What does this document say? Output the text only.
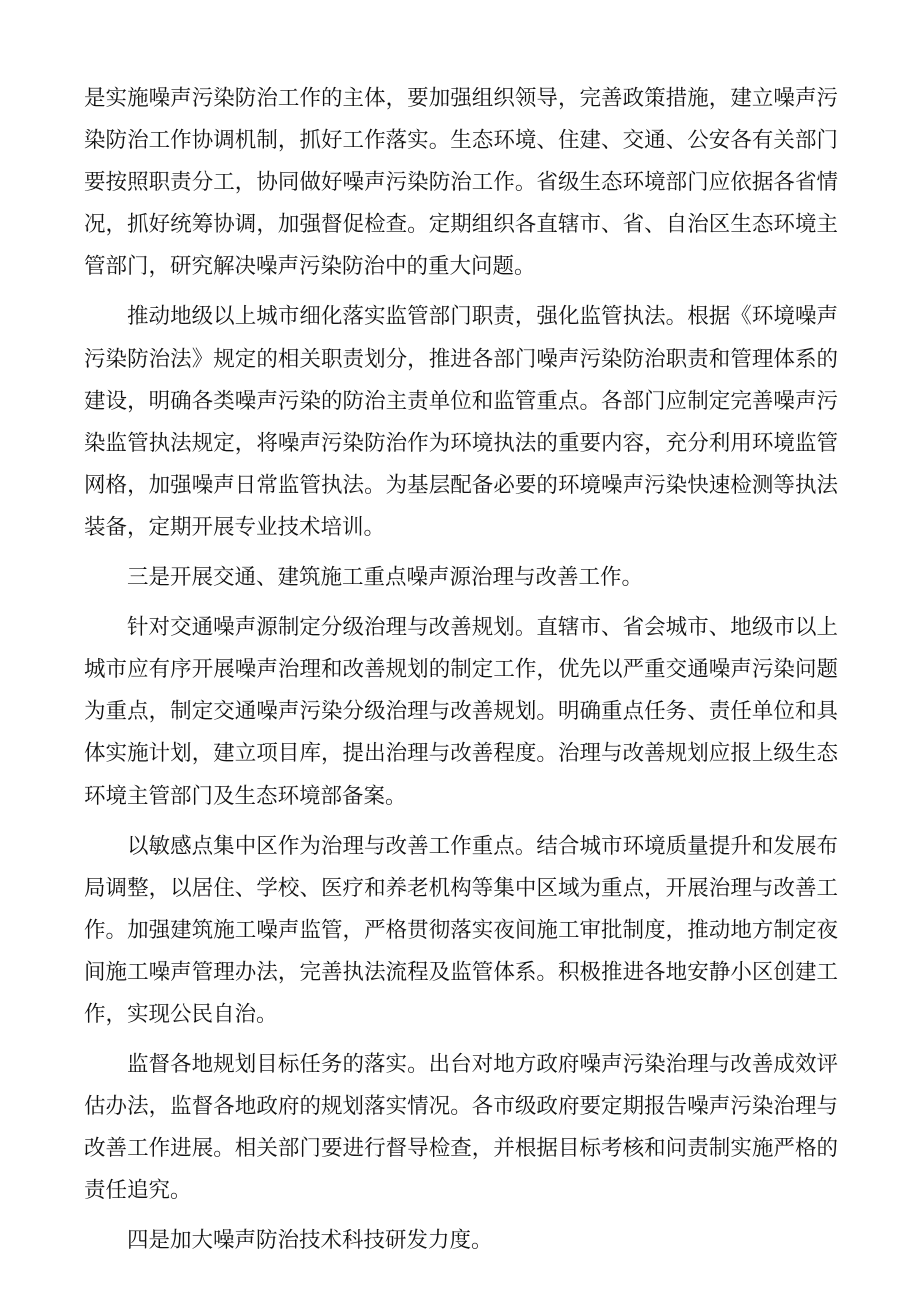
是实施噪声污染防治工作的主体，要加强组织领导，完善政策措施，建立噪声污染防治工作协调机制，抓好工作落实。生态环境、住建、交通、公安各有关部门要按照职责分工，协同做好噪声污染防治工作。省级生态环境部门应依据各省情况，抓好统筹协调，加强督促检查。定期组织各直辖市、省、自治区生态环境主管部门，研究解决噪声污染防治中的重大问题。

推动地级以上城市细化落实监管部门职责，强化监管执法。根据《环境噪声污染防治法》规定的相关职责划分，推进各部门噪声污染防治职责和管理体系的建设，明确各类噪声污染的防治主责单位和监管重点。各部门应制定完善噪声污染监管执法规定，将噪声污染防治作为环境执法的重要内容，充分利用环境监管网格，加强噪声日常监管执法。为基层配备必要的环境噪声污染快速检测等执法装备，定期开展专业技术培训。

三是开展交通、建筑施工重点噪声源治理与改善工作。

针对交通噪声源制定分级治理与改善规划。直辖市、省会城市、地级市以上城市应有序开展噪声治理和改善规划的制定工作，优先以严重交通噪声污染问题为重点，制定交通噪声污染分级治理与改善规划。明确重点任务、责任单位和具体实施计划，建立项目库，提出治理与改善程度。治理与改善规划应报上级生态环境主管部门及生态环境部备案。

以敏感点集中区作为治理与改善工作重点。结合城市环境质量提升和发展布局调整，以居住、学校、医疗和养老机构等集中区域为重点，开展治理与改善工作。加强建筑施工噪声监管，严格贯彻落实夜间施工审批制度，推动地方制定夜间施工噪声管理办法，完善执法流程及监管体系。积极推进各地安静小区创建工作，实现公民自治。

监督各地规划目标任务的落实。出台对地方政府噪声污染治理与改善成效评估办法，监督各地政府的规划落实情况。各市级政府要定期报告噪声污染治理与改善工作进展。相关部门要进行督导检查，并根据目标考核和问责制实施严格的责任追究。

四是加大噪声防治技术科技研发力度。
